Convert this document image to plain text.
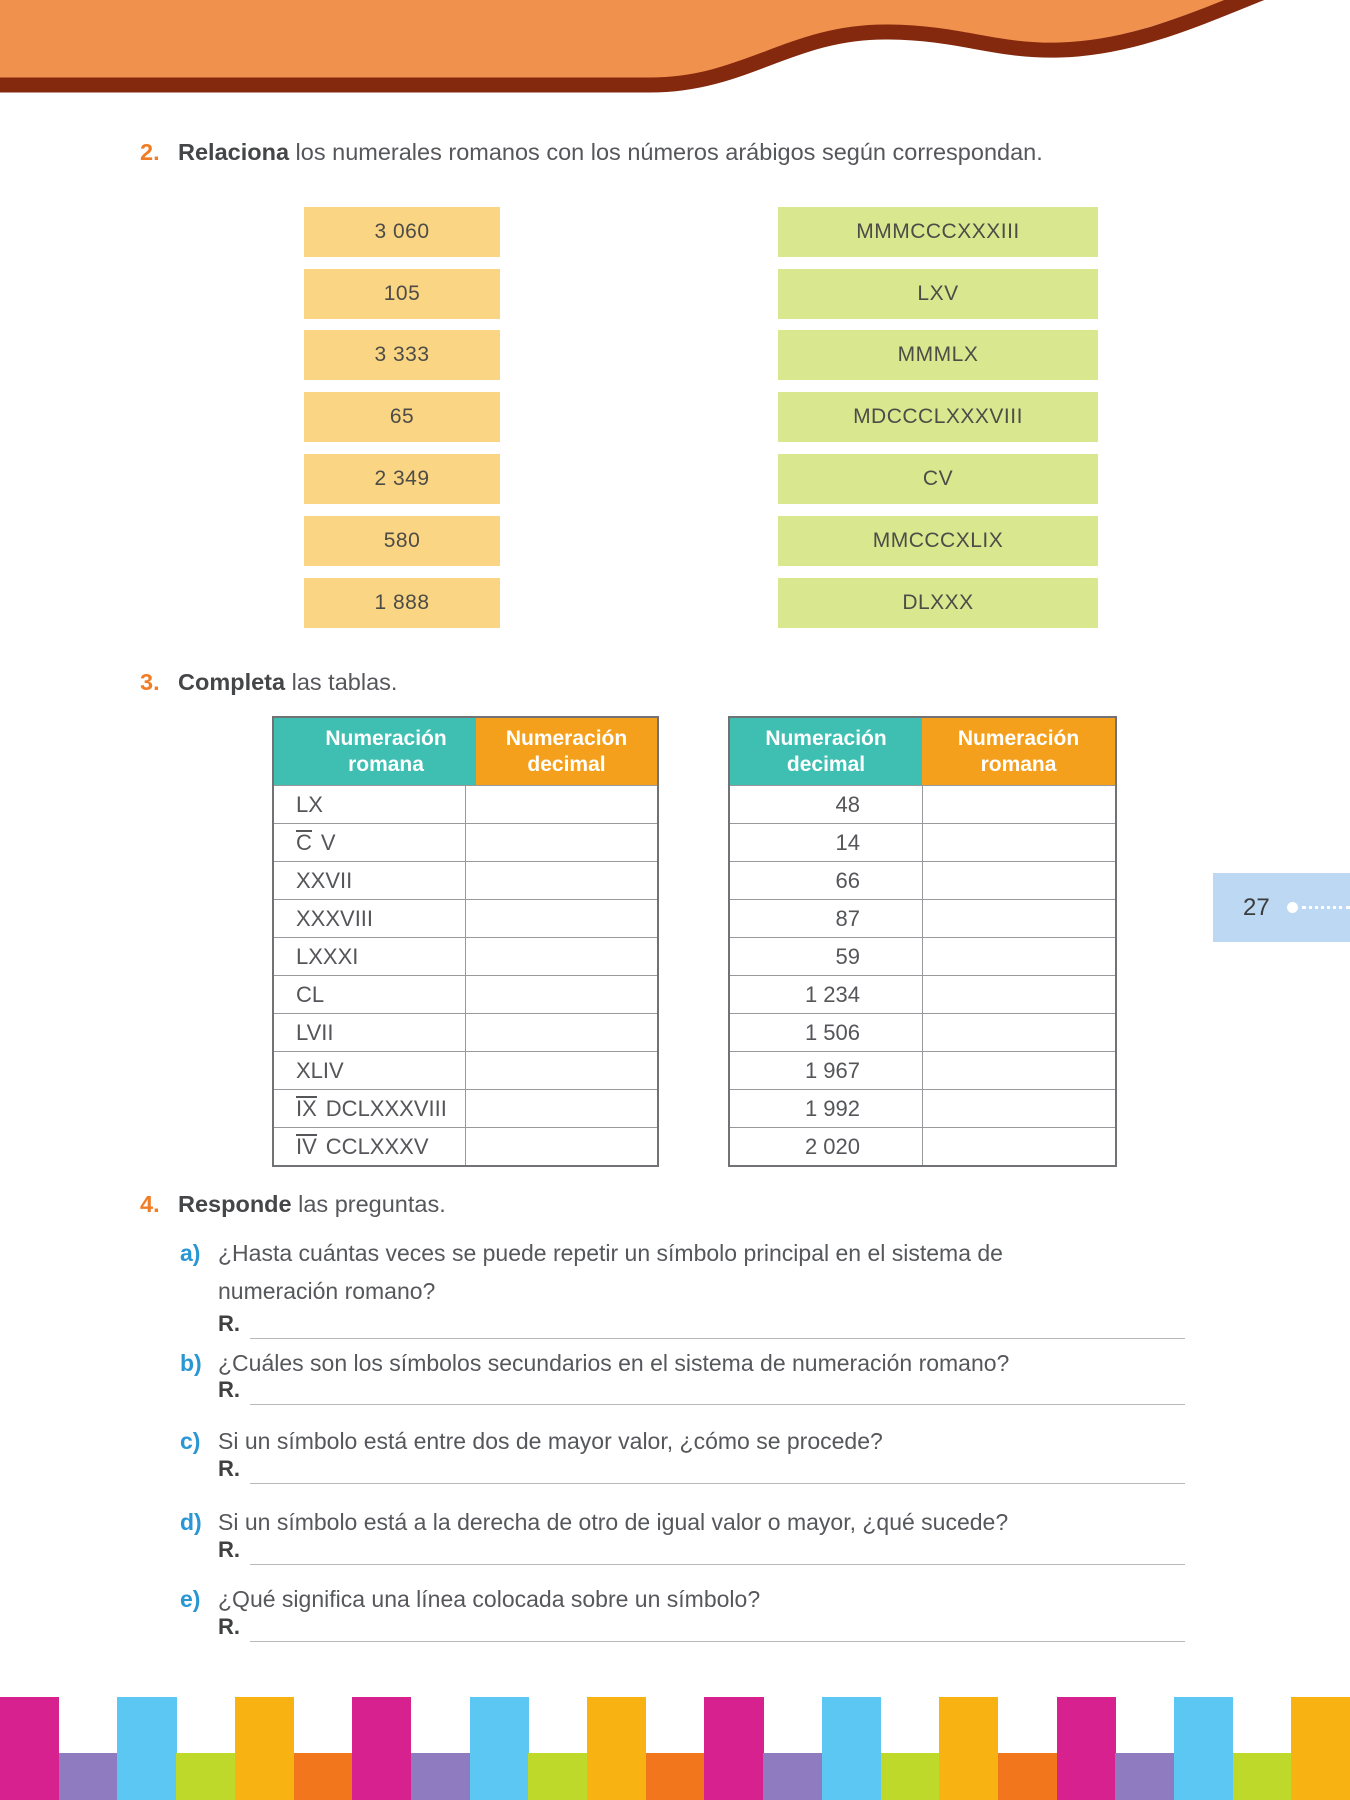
2. Relaciona los numerales romanos con los números arábigos según correspondan.
3 060
105
3 333
65
2 349
580
1 888
MMMCCCXXXIII
LXV
MMMLX
MDCCCLXXXVIII
CV
MMCCCXLIX
DLXXX
3. Completa las tablas.
Numeración
romana
Numeración
decimal
LX
C V
XXVII
XXXVIII
LXXXI
CL
LVII
XLIV
IX DCLXXXVIII
IV CCLXXXV
Numeración
decimal
Numeración
romana
48
14
66
87
59
1 234
1 506
1 967
1 992
2 020
27
4. Responde las preguntas.
a) ¿Hasta cuántas veces se puede repetir un símbolo principal en el sistema de
numeración romano?
R.
b) ¿Cuáles son los símbolos secundarios en el sistema de numeración romano?
R.
c) Si un símbolo está entre dos de mayor valor, ¿cómo se procede?
R.
d) Si un símbolo está a la derecha de otro de igual valor o mayor, ¿qué sucede?
R.
e) ¿Qué significa una línea colocada sobre un símbolo?
R.
